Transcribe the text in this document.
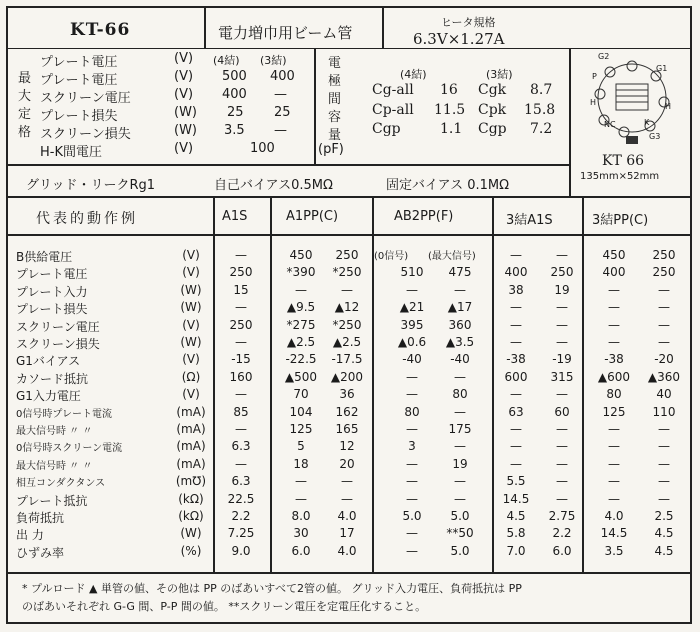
KT-66	電力増巾用ビーム管
ヒータ規格
6.3V×1.27A
最
大
定
格
(4結) (3結)
プレート電圧	(V)
プレート電圧	(V) 500 400
スクリーン電圧	(V) 400 —
プレート損失	(W) 25 25
スクリーン損失	(W) 3.5 —
H-K間電圧	(V)	100
電
極
間
容
量
(pF)
(4結)	(3結)
Cg-all 16 Cgk 8.7
Cp-all 11.5 Cpk 15.8
Cgp	1.1 Cgp 7.2
G2
G1
P
H
H
NC	K
G3
KT 66
135mm×52mm
グリッド・リークRg1	自己バイアス0.5MΩ	固定バイアス 0.1MΩ
代表的動作例	A1S	A1PP(C)	AB2PP(F)	3結A1S	3結PP(C)
(0信号) (最大信号)
B供給電圧	(V)	—	450	250	—	—	450	250
プレート電圧	(V)	250	*390	*250	510	475	400	250	400	250
プレート入力	(W)	15	—	—	—	—	38	19	—	—
プレート損失	(W)	—	▲9.5	▲12	▲21	▲17	—	—	—	—
スクリーン電圧	(V)	250	*275	*250	395	360	—	—	—	—
スクリーン損失	(W)	—	▲2.5	▲2.5	▲0.6	▲3.5	—	—	—	—
G1バイアス	(V)	-15	-22.5	-17.5	-40	-40	-38	-19	-38	-20
カソード抵抗	(Ω)	160	▲500	▲200	—	—	600	315	▲600	▲360
G1入力電圧	(V)	—	70	36	—	80	—	—	80	40
0信号時プレート電流	(mA)	85	104	162	80	—	63	60	125	110
最大信号時 〃 〃	(mA)	—	125	165	—	175	—	—	—	—
0信号時スクリーン電流	(mA)	6.3	5	12	3	—	—	—	—	—
最大信号時 〃 〃	(mA)	—	18	20	—	19	—	—	—	—
相互コンダクタンス	(m℧)	6.3	—	—	—	—	5.5	—	—	—
プレート抵抗	(kΩ)	22.5	—	—	—	—	14.5	—	—	—
負荷抵抗	(kΩ)	2.2	8.0	4.0	5.0	5.0	4.5	2.75	4.0	2.5
出 力	(W)	7.25	30	17	—	**50	5.8	2.2	14.5	4.5
ひずみ率	(%)	9.0	6.0	4.0	—	5.0	7.0	6.0	3.5	4.5
* プルロード ▲ 単管の値、その他は PP のばあいすべて2管の値。 グリッド入力電圧、負荷抵抗は PP
のばあいそれぞれ G-G 間、P-P 間の値。 **スクリーン電圧を定電圧化すること。
